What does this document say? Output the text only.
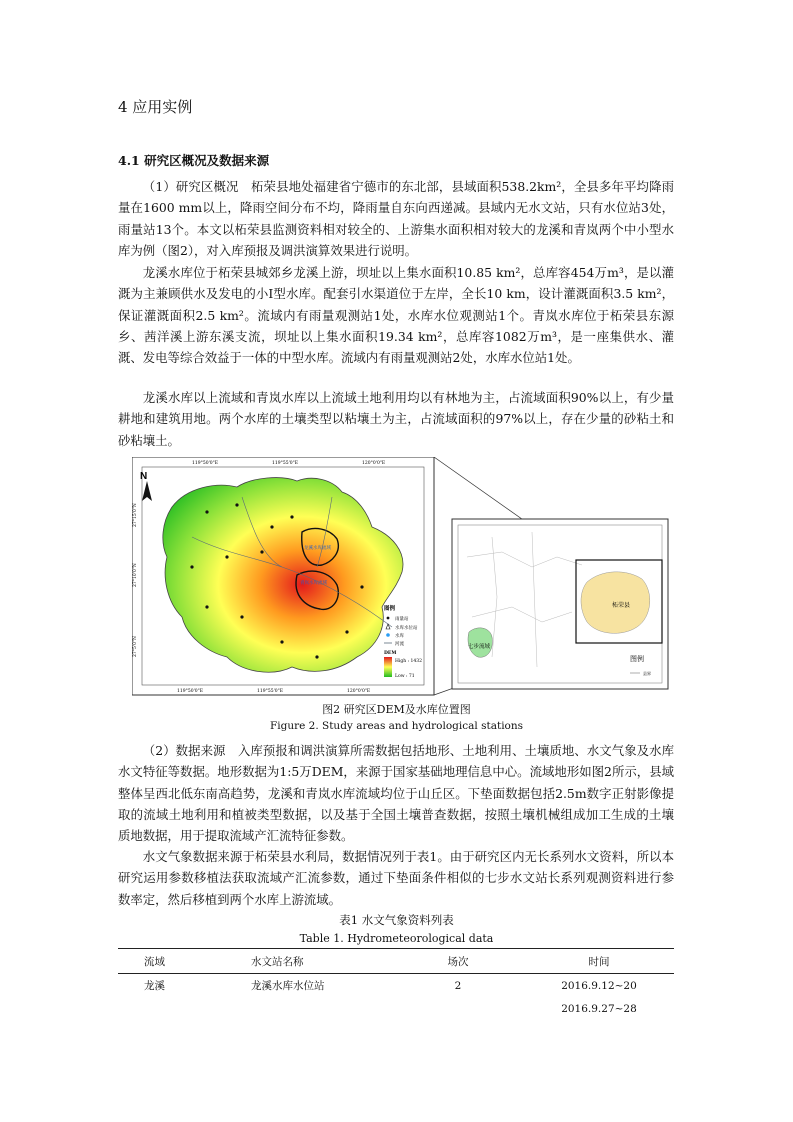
4 应用实例
4.1 研究区概况及数据来源
（1）研究区概况　柘荣县地处福建省宁德市的东北部，县域面积538.2km²，全县多年平均降雨量在1600 mm以上，降雨空间分布不均，降雨量自东向西递减。县域内无水文站，只有水位站3处，雨量站13个。本文以柘荣县监测资料相对较全的、上游集水面积相对较大的龙溪和青岚两个中小型水库为例（图2），对入库预报及调洪演算效果进行说明。
龙溪水库位于柘荣县城郊乡龙溪上游，坝址以上集水面积10.85 km²，总库容454万m³，是以灌溉为主兼顾供水及发电的小Ⅰ型水库。配套引水渠道位于左岸，全长10 km，设计灌溉面积3.5 km²，保证灌溉面积2.5 km²。流域内有雨量观测站1处，水库水位观测站1个。青岚水库位于柘荣县东源乡、茜洋溪上游东溪支流，坝址以上集水面积19.34 km²，总库容1082万m³，是一座集供水、灌溉、发电等综合效益于一体的中型水库。流域内有雨量观测站2处，水库水位站1处。
龙溪水库以上流域和青岚水库以上流域土地利用均以有林地为主，占流域面积90%以上，有少量耕地和建筑用地。两个水库的土壤类型以粘壤土为主，占流域面积的97%以上，存在少量的砂粘土和砂粘壤土。
119°50'0"E	119°55'0"E	120°0'0"E
119°50'0"E	119°55'0"E	120°0'0"E
27°15'0"N
27°10'0"N
27°5'0"N
N
龙溪水库流域
青岚水库流域
图例
雨量站
水库水位站
水库
河流
DEM
High : 1432
Low : 71
柘荣县
七步流域
图例
县界
图2 研究区DEM及水库位置图
Figure 2. Study areas and hydrological stations
（2）数据来源　入库预报和调洪演算所需数据包括地形、土地利用、土壤质地、水文气象及水库水文特征等数据。地形数据为1:5万DEM，来源于国家基础地理信息中心。流域地形如图2所示，县域整体呈西北低东南高趋势，龙溪和青岚水库流域均位于山丘区。下垫面数据包括2.5m数字正射影像提取的流域土地利用和植被类型数据，以及基于全国土壤普查数据，按照土壤机械组成加工生成的土壤质地数据，用于提取流域产汇流特征参数。
水文气象数据来源于柘荣县水利局，数据情况列于表1。由于研究区内无长系列水文资料，所以本研究运用参数移植法获取流域产汇流参数，通过下垫面条件相似的七步水文站长系列观测资料进行参数率定，然后移植到两个水库上游流域。
表1 水文气象资料列表
Table 1. Hydrometeorological data
流域	水文站名称	场次	时间
龙溪	龙溪水库水位站	2	2016.9.12~20
			2016.9.27~28
